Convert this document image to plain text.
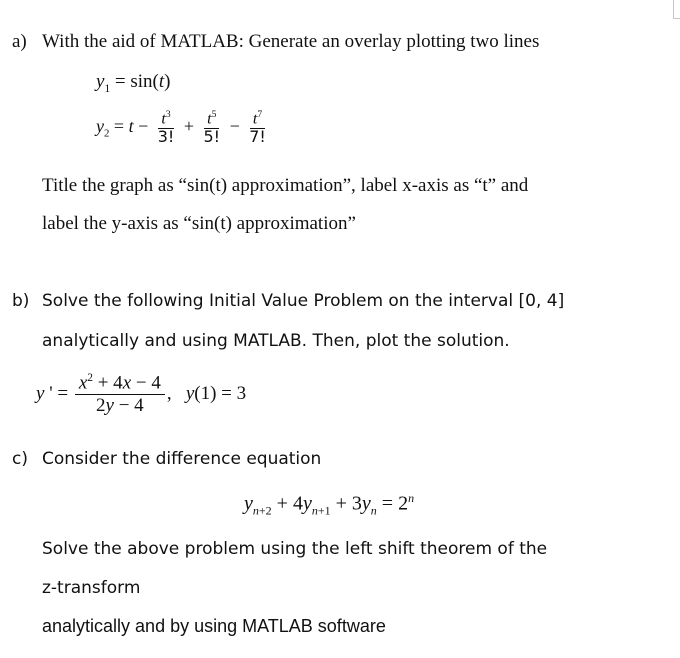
a) With the aid of MATLAB: Generate an overlay plotting two lines
$y_1 = \sin(t)$
$y_2 = t - \frac{t^3}{3!} + \frac{t^5}{5!} - \frac{t^7}{7!}$
Title the graph as “sin(t) approximation”, label x-axis as “t” and
label the y-axis as “sin(t) approximation”
b) Solve the following Initial Value Problem on the interval [0, 4]
analytically and using MATLAB. Then, plot the solution.
y ' = $\frac{x^2 + 4x - 4}{2y - 4}$ ,   y(1) = 3
c) Consider the difference equation
$y_{n+2} + 4y_{n+1} + 3y_n = 2^n$
Solve the above problem using the left shift theorem of the
z-transform
analytically and by using MATLAB software
